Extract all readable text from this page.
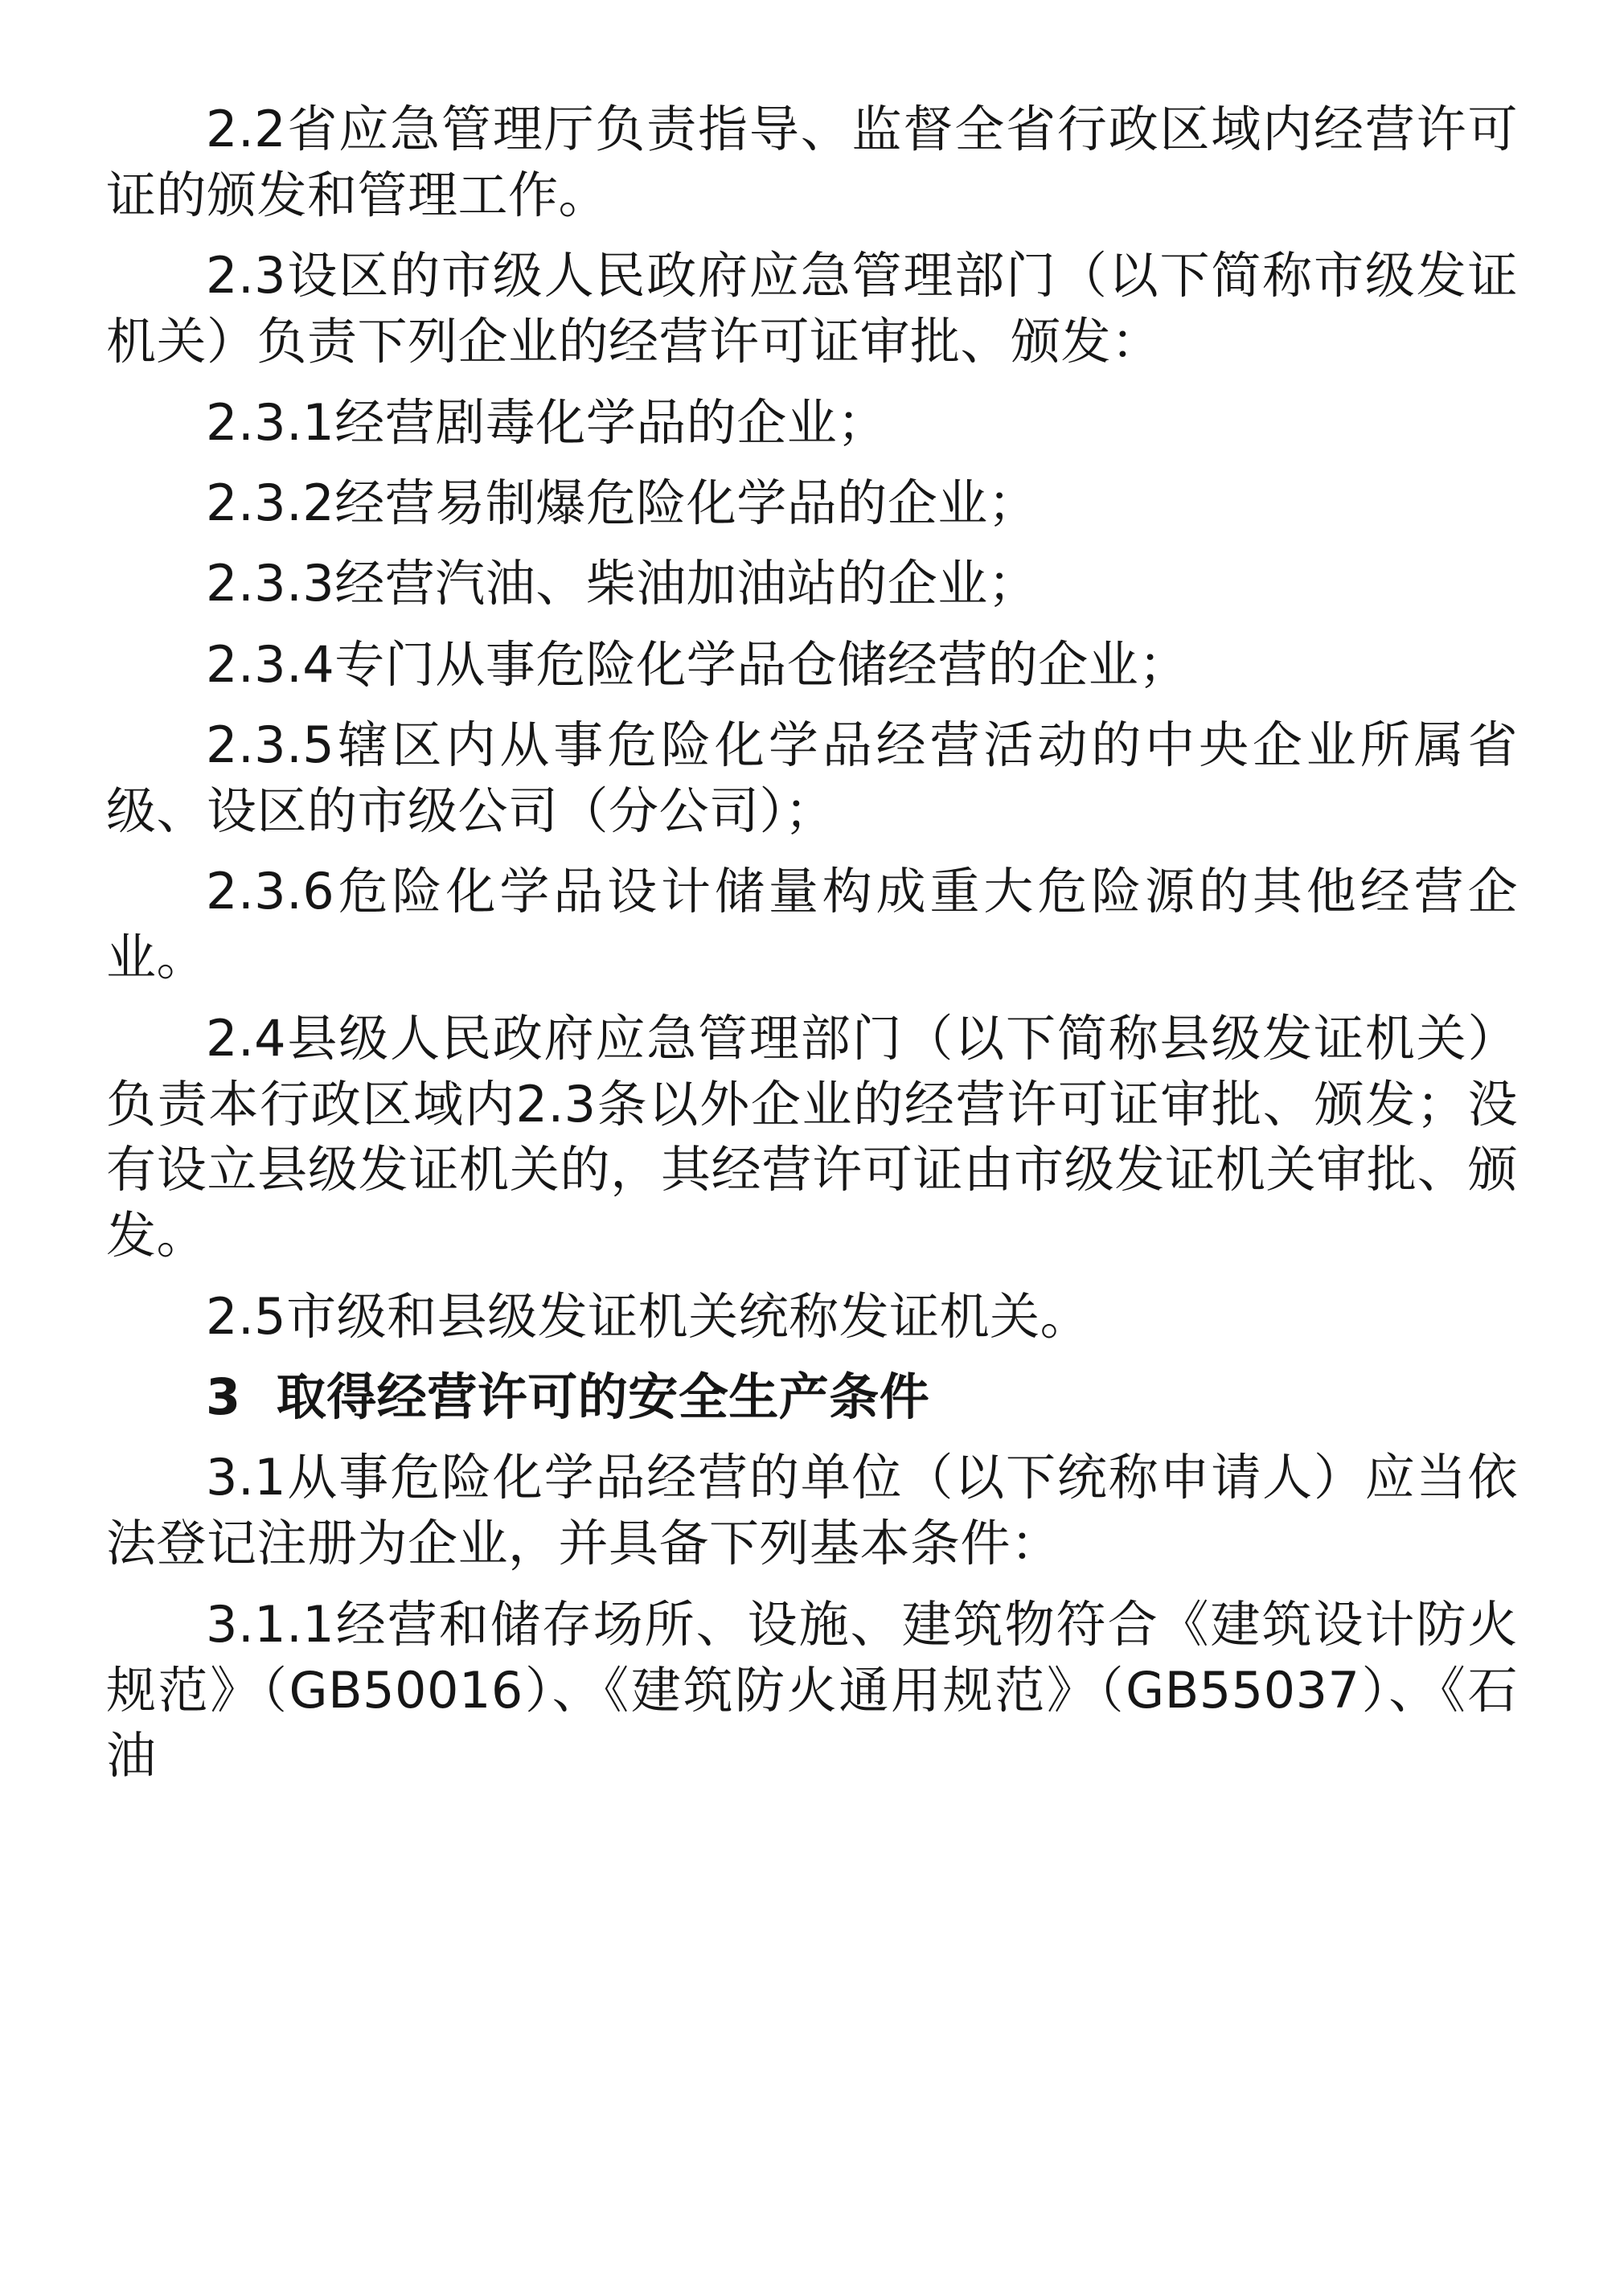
2.2省应急管理厅负责指导、监督全省行政区域内经营许可证的颁发和管理工作。

2.3设区的市级人民政府应急管理部门（以下简称市级发证机关）负责下列企业的经营许可证审批、颁发：

2.3.1经营剧毒化学品的企业；

2.3.2经营易制爆危险化学品的企业；

2.3.3经营汽油、柴油加油站的企业；

2.3.4专门从事危险化学品仓储经营的企业；

2.3.5辖区内从事危险化学品经营活动的中央企业所属省级、设区的市级公司（分公司）；

2.3.6危险化学品设计储量构成重大危险源的其他经营企业。

2.4县级人民政府应急管理部门（以下简称县级发证机关）负责本行政区域内2.3条以外企业的经营许可证审批、颁发；没有设立县级发证机关的，其经营许可证由市级发证机关审批、颁发。

2.5市级和县级发证机关统称发证机关。

3  取得经营许可的安全生产条件

3.1从事危险化学品经营的单位（以下统称申请人）应当依法登记注册为企业，并具备下列基本条件：

3.1.1经营和储存场所、设施、建筑物符合《建筑设计防火规范》（GB50016）、《建筑防火通用规范》（GB55037）、《石油
